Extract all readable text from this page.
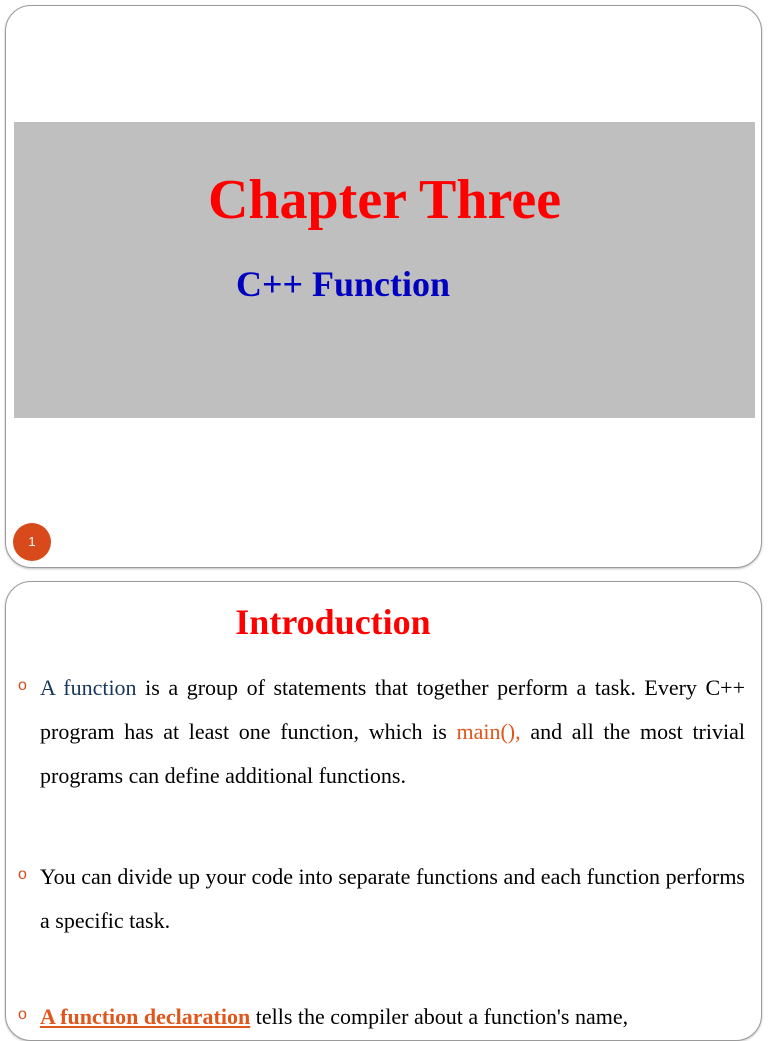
Chapter Three
C++ Function
1
Introduction

o A function is a group of statements that together perform a task. Every C++ program has at least one function, which is main(), and all the most trivial programs can define additional functions.

o You can divide up your code into separate functions and each function performs a specific task.

o A function declaration tells the compiler about a function's name,
